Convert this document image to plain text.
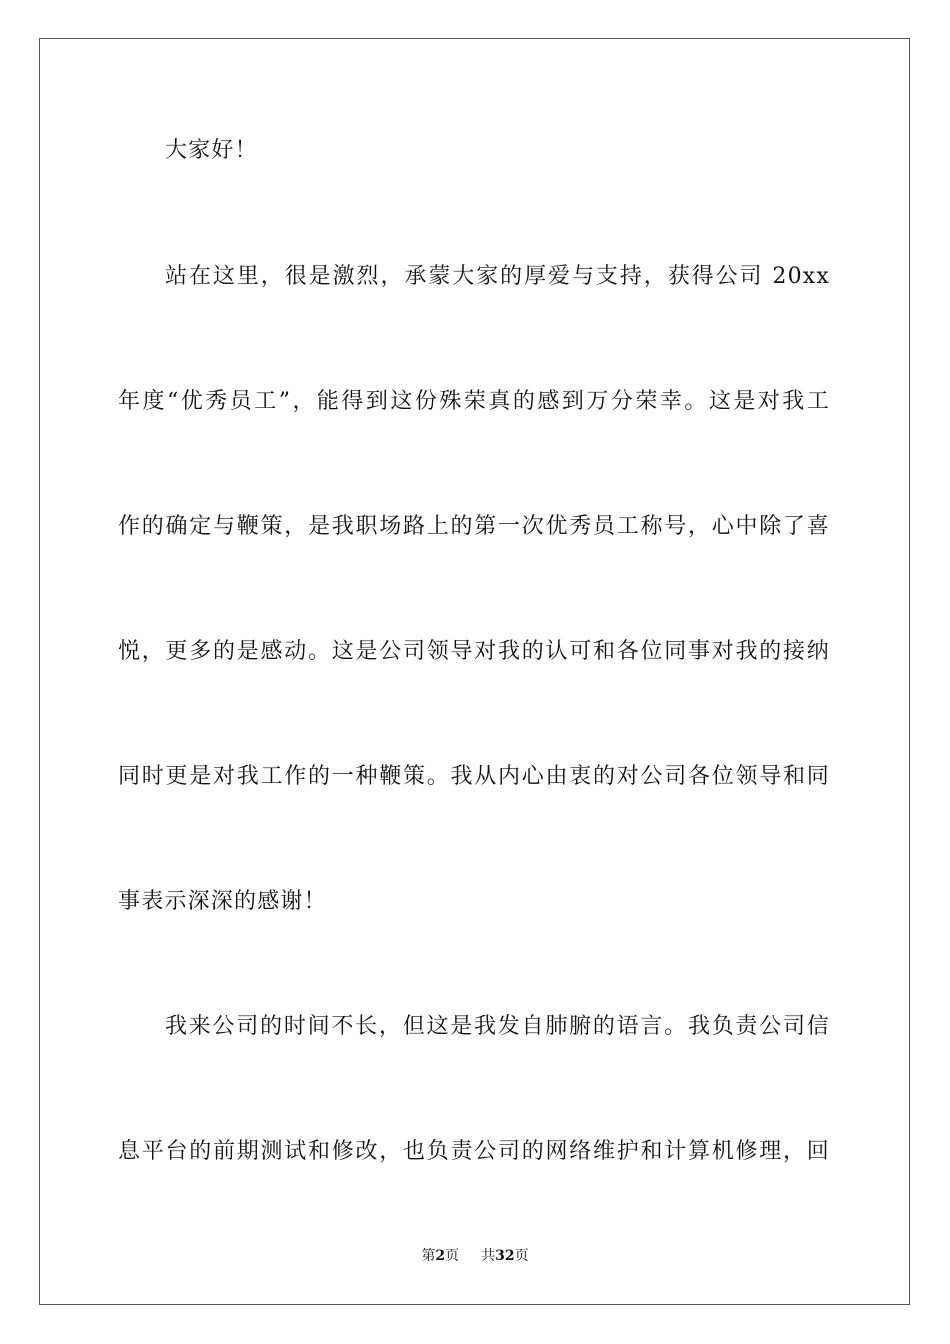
大家好！
站在这里，很是激烈，承蒙大家的厚爱与支持，获得公司 20xx
年度“优秀员工”，能得到这份殊荣真的感到万分荣幸。这是对我工
作的确定与鞭策，是我职场路上的第一次优秀员工称号，心中除了喜
悦，更多的是感动。这是公司领导对我的认可和各位同事对我的接纳
同时更是对我工作的一种鞭策。我从内心由衷的对公司各位领导和同
事表示深深的感谢！
我来公司的时间不长，但这是我发自肺腑的语言。我负责公司信
息平台的前期测试和修改，也负责公司的网络维护和计算机修理，回
第2页 共32页
